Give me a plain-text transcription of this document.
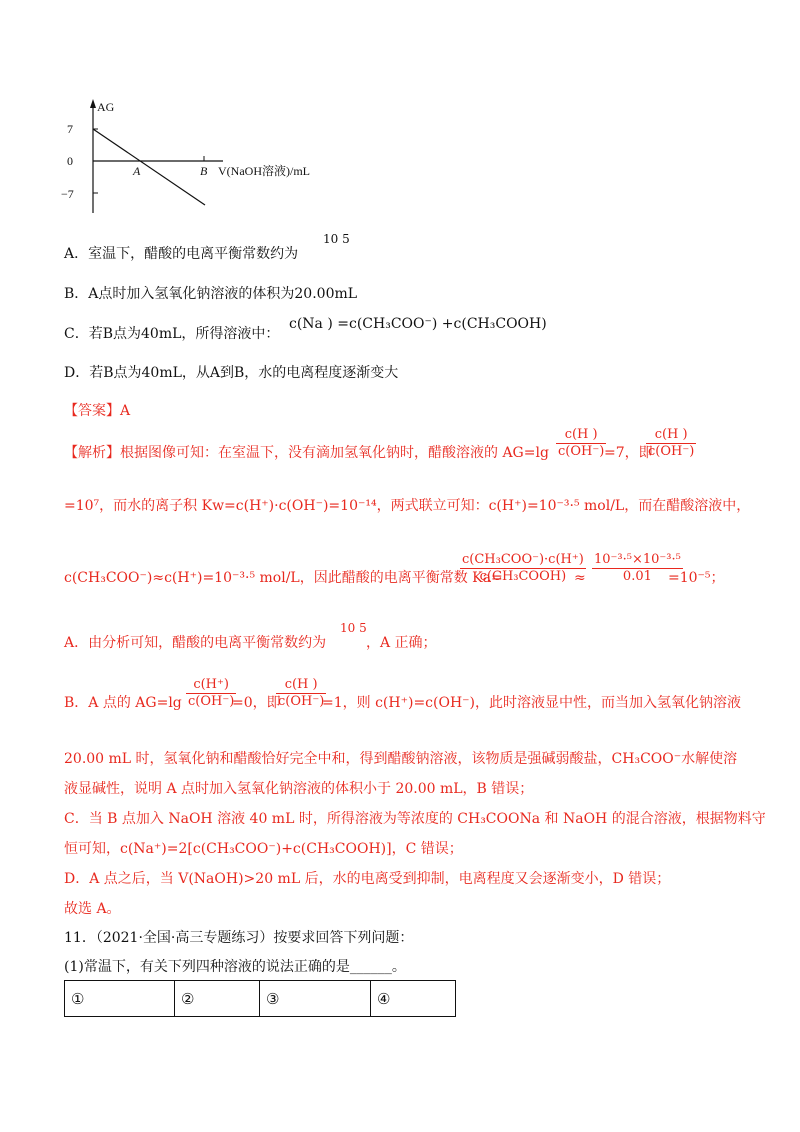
AG
7
0
−7
A	B V(NaOH溶液)/mL
A．室温下，醋酸的电离平衡常数约为
10 5
B．A点时加入氢氧化钠溶液的体积为20.00mL
C．若B点为40mL，所得溶液中：
c(Na ) =c(CH₃COO⁻) +c(CH₃COOH)
D．若B点为40mL，从A到B，水的电离程度逐渐变大
【答案】A
【解析】根据图像可知：在室温下，没有滴加氢氧化钠时，醋酸溶液的 $AG=\lg \frac{c(H )}{c(OH^-)}$
=7，即
$\frac{c(H )}{c(OH^-)}$
=10⁷，而水的离子积 Kw=c(H⁺)·c(OH⁻)=10⁻¹⁴，两式联立可知：c(H⁺)=10⁻³·⁵ mol/L，而在醋酸溶液中，
c(CH₃COO⁻)≈c(H⁺)=10⁻³·⁵ mol/L，因此醋酸的电离平衡常数 Ka=
c(CH₃COO⁻)·c(H⁺)
c(CH₃COOH) ≈ $\frac{\text{10⁻³·⁵×10⁻³·⁵}}{0.01}$
=10⁻⁵；
A．由分析可知，醋酸的电离平衡常数约为
10 5
，A 正确；
B．A 点的 $AG=\lg \frac{c(H^+)}{c(OH^-)}$
=0，即
$\frac{c(H )}{c(OH^-)}$
=1，则 c(H⁺)=c(OH⁻)，此时溶液显中性，而当加入氢氧化钠溶液
20.00 mL 时，氢氧化钠和醋酸恰好完全中和，得到醋酸钠溶液，该物质是强碱弱酸盐，CH₃COO⁻水解使溶
液显碱性，说明 A 点时加入氢氧化钠溶液的体积小于 20.00 mL，B 错误；
C．当 B 点加入 NaOH 溶液 40 mL 时，所得溶液为等浓度的 CH₃COONa 和 NaOH 的混合溶液，根据物料守
恒可知，c(Na⁺)=2[c(CH₃COO⁻)+c(CH₃COOH)]，C 错误；
D．A 点之后，当 V(NaOH)>20 mL 后，水的电离受到抑制，电离程度又会逐渐变小，D 错误；
故选 A。
11．（2021·全国·高三专题练习）按要求回答下列问题：
(1)常温下，有关下列四种溶液的说法正确的是______。
①	②	③	④
